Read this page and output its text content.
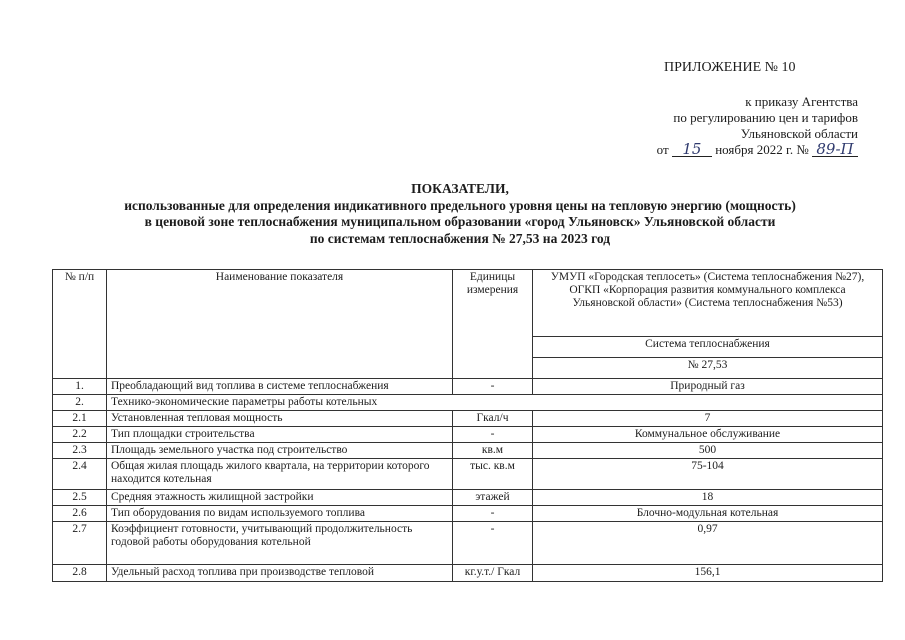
ПРИЛОЖЕНИЕ № 10
к приказу Агентства
по регулированию цен и тарифов
Ульяновской области
от 15 ноября 2022 г. № 89-П
ПОКАЗАТЕЛИ,
использованные для определения индикативного предельного уровня цены на тепловую энергию (мощность)
в ценовой зоне теплоснабжения муниципальном образовании «город Ульяновск» Ульяновской области
по системам теплоснабжения № 27,53 на 2023 год
№ п/п	Наименование показателя	Единицы измерения	УМУП «Городская теплосеть» (Система теплоснабжения №27), ОГКП «Корпорация развития коммунального комплекса Ульяновской области» (Система теплоснабжения №53)
			Система теплоснабжения
			№ 27,53
1.	Преобладающий вид топлива в системе теплоснабжения	-	Природный газ
2.	Технико-экономические параметры работы котельных		
2.1	Установленная тепловая мощность	Гкал/ч	7
2.2	Тип площадки строительства	-	Коммунальное обслуживание
2.3	Площадь земельного участка под строительство	кв.м	500
2.4	Общая жилая площадь жилого квартала, на территории которого находится котельная	тыс. кв.м	75-104
2.5	Средняя этажность жилищной застройки	этажей	18
2.6	Тип оборудования по видам используемого топлива	-	Блочно-модульная котельная
2.7	Коэффициент готовности, учитывающий продолжительность годовой работы оборудования котельной	-	0,97
2.8	Удельный расход топлива при производстве тепловой	кг.у.т./ Гкал	156,1
